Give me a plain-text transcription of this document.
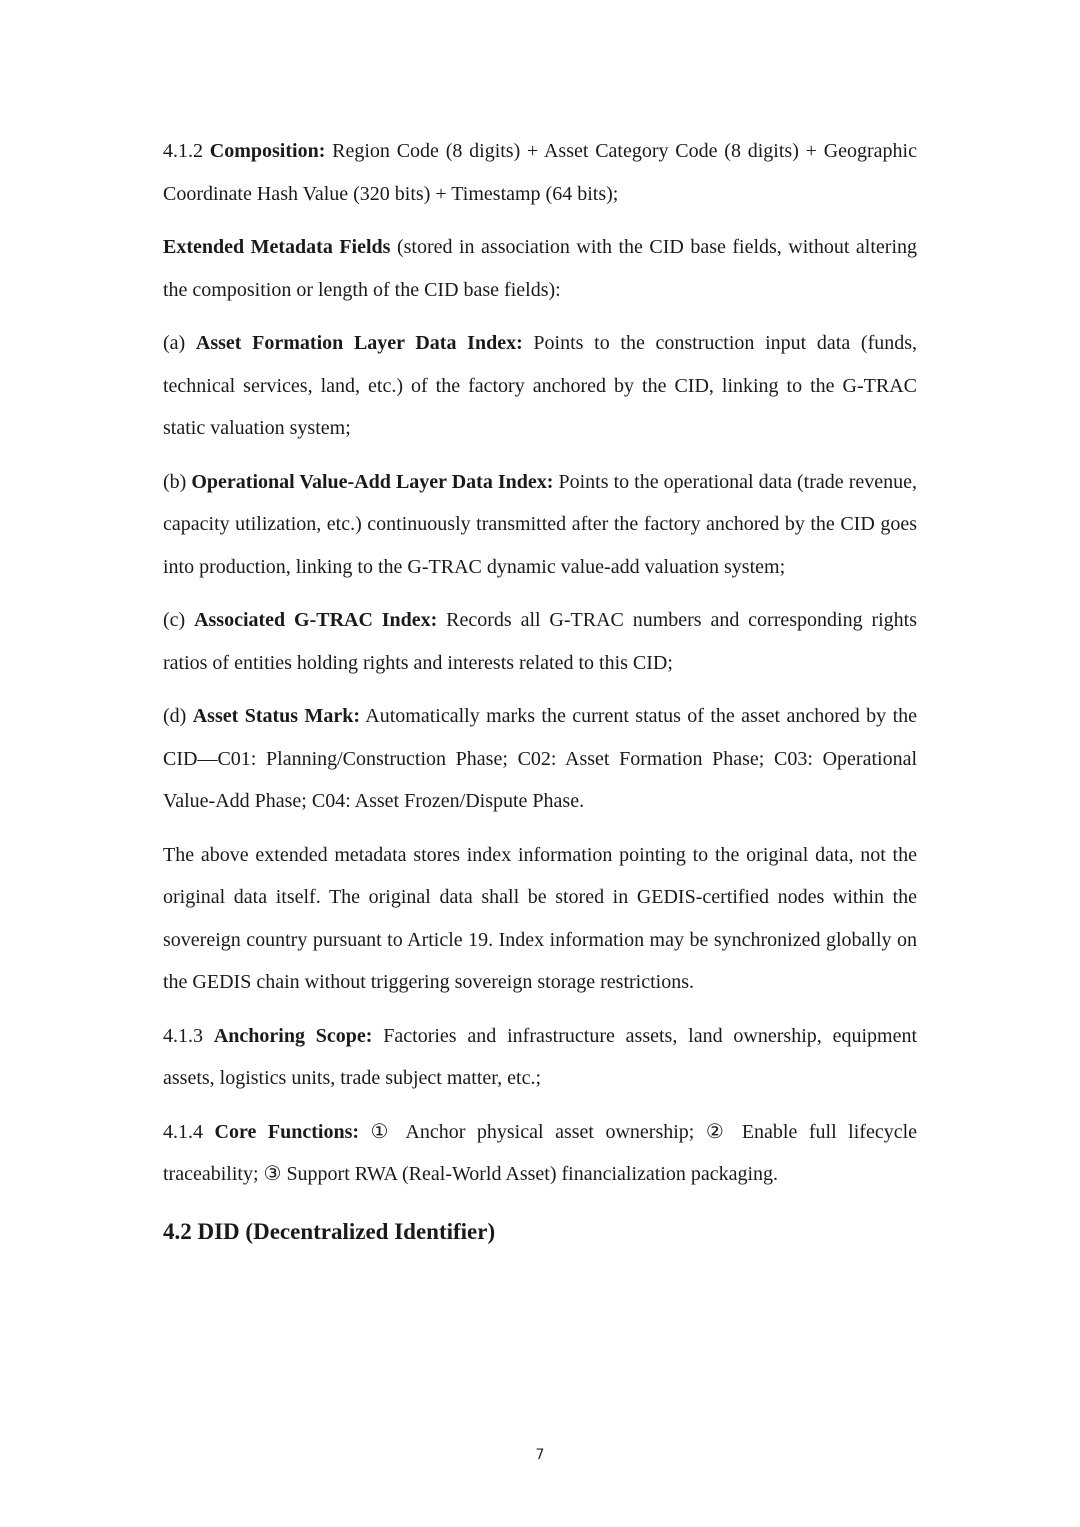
4.1.2 Composition: Region Code (8 digits) + Asset Category Code (8 digits) + Geographic Coordinate Hash Value (320 bits) + Timestamp (64 bits);

Extended Metadata Fields (stored in association with the CID base fields, without altering the composition or length of the CID base fields):

(a) Asset Formation Layer Data Index: Points to the construction input data (funds, technical services, land, etc.) of the factory anchored by the CID, linking to the G-TRAC static valuation system;

(b) Operational Value-Add Layer Data Index: Points to the operational data (trade revenue, capacity utilization, etc.) continuously transmitted after the factory anchored by the CID goes into production, linking to the G-TRAC dynamic value-add valuation system;

(c) Associated G-TRAC Index: Records all G-TRAC numbers and corresponding rights ratios of entities holding rights and interests related to this CID;

(d) Asset Status Mark: Automatically marks the current status of the asset anchored by the CID—C01: Planning/Construction Phase; C02: Asset Formation Phase; C03: Operational Value-Add Phase; C04: Asset Frozen/Dispute Phase.

The above extended metadata stores index information pointing to the original data, not the original data itself. The original data shall be stored in GEDIS-certified nodes within the sovereign country pursuant to Article 19. Index information may be synchronized globally on the GEDIS chain without triggering sovereign storage restrictions.

4.1.3 Anchoring Scope: Factories and infrastructure assets, land ownership, equipment assets, logistics units, trade subject matter, etc.;

4.1.4 Core Functions: ① Anchor physical asset ownership; ② Enable full lifecycle traceability; ③ Support RWA (Real-World Asset) financialization packaging.

4.2 DID (Decentralized Identifier)
7
